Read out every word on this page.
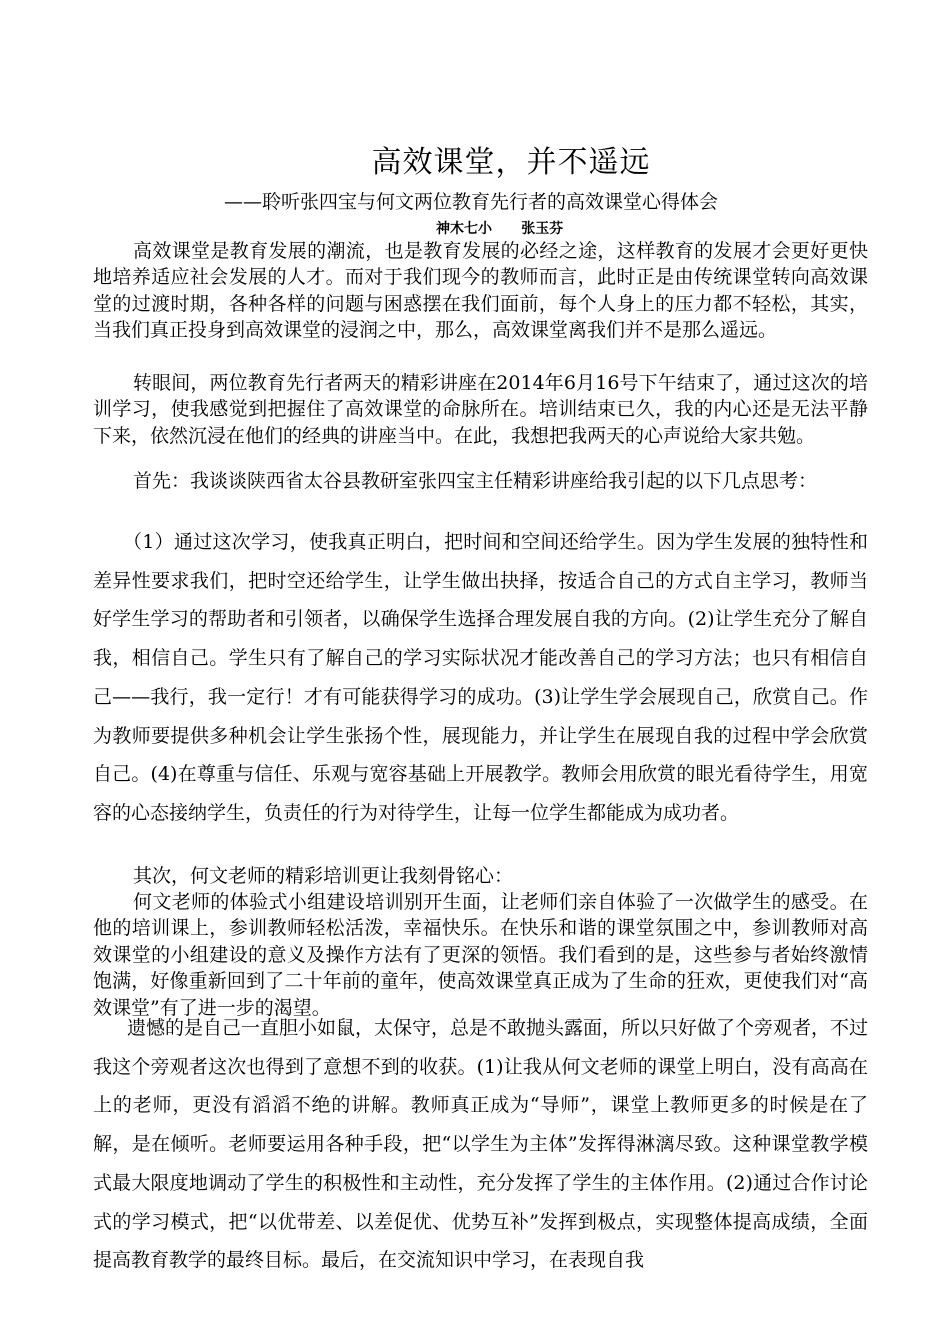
高效课堂，并不遥远
——聆听张四宝与何文两位教育先行者的高效课堂心得体会
神木七小      张玉芬

高效课堂是教育发展的潮流，也是教育发展的必经之途，这样教育的发展才会更好更快地培养适应社会发展的人才。而对于我们现今的教师而言，此时正是由传统课堂转向高效课堂的过渡时期，各种各样的问题与困惑摆在我们面前，每个人身上的压力都不轻松，其实，当我们真正投身到高效课堂的浸润之中，那么，高效课堂离我们并不是那么遥远。

转眼间，两位教育先行者两天的精彩讲座在2014年6月16号下午结束了，通过这次的培训学习，使我感觉到把握住了高效课堂的命脉所在。培训结束已久，我的内心还是无法平静下来，依然沉浸在他们的经典的讲座当中。在此，我想把我两天的心声说给大家共勉。

首先：我谈谈陕西省太谷县教研室张四宝主任精彩讲座给我引起的以下几点思考：

（1）通过这次学习，使我真正明白，把时间和空间还给学生。因为学生发展的独特性和差异性要求我们，把时空还给学生，让学生做出抉择，按适合自己的方式自主学习，教师当好学生学习的帮助者和引领者，以确保学生选择合理发展自我的方向。(2)让学生充分了解自我，相信自己。学生只有了解自己的学习实际状况才能改善自己的学习方法；也只有相信自己——我行，我一定行！才有可能获得学习的成功。(3)让学生学会展现自己，欣赏自己。作为教师要提供多种机会让学生张扬个性，展现能力，并让学生在展现自我的过程中学会欣赏自己。(4)在尊重与信任、乐观与宽容基础上开展教学。教师会用欣赏的眼光看待学生，用宽容的心态接纳学生，负责任的行为对待学生，让每一位学生都能成为成功者。

其次，何文老师的精彩培训更让我刻骨铭心：

何文老师的体验式小组建设培训别开生面，让老师们亲自体验了一次做学生的感受。在他的培训课上，参训教师轻松活泼，幸福快乐。在快乐和谐的课堂氛围之中，参训教师对高效课堂的小组建设的意义及操作方法有了更深的领悟。我们看到的是，这些参与者始终激情饱满，好像重新回到了二十年前的童年，使高效课堂真正成为了生命的狂欢，更使我们对“高效课堂”有了进一步的渴望。

遗憾的是自己一直胆小如鼠，太保守，总是不敢抛头露面，所以只好做了个旁观者，不过我这个旁观者这次也得到了意想不到的收获。(1)让我从何文老师的课堂上明白，没有高高在上的老师，更没有滔滔不绝的讲解。教师真正成为“导师”，课堂上教师更多的时候是在了解，是在倾听。老师要运用各种手段，把“以学生为主体”发挥得淋漓尽致。这种课堂教学模式最大限度地调动了学生的积极性和主动性，充分发挥了学生的主体作用。(2)通过合作讨论式的学习模式，把“以优带差、以差促优、优势互补”发挥到极点，实现整体提高成绩，全面提高教育教学的最终目标。最后，在交流知识中学习，在表现自我
